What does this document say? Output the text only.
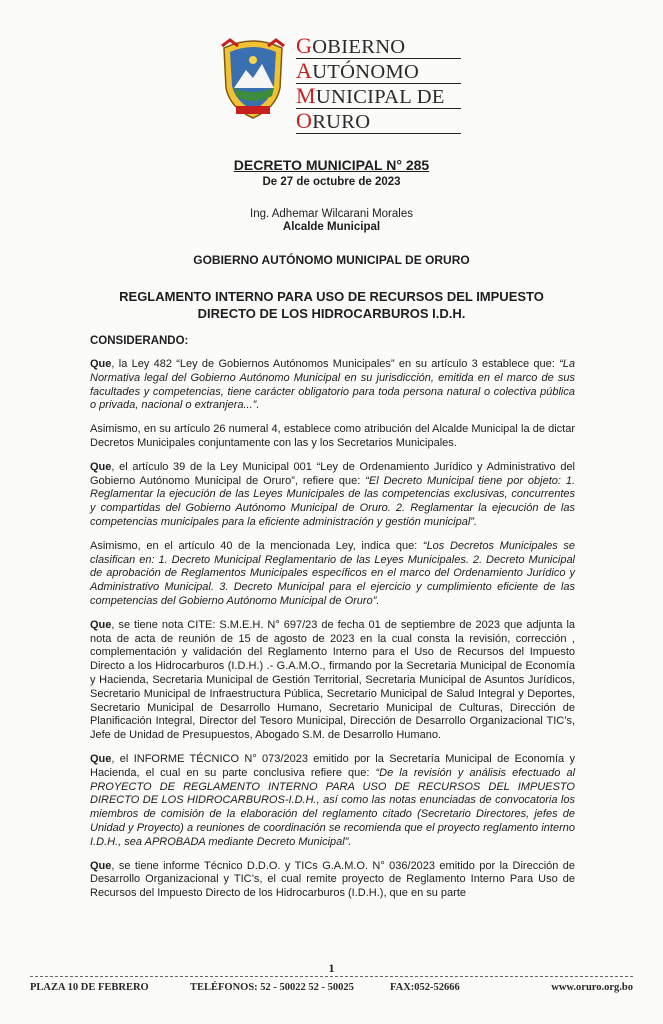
GOBIERNO
AUTÓNOMO
MUNICIPAL DE
ORURO
DECRETO MUNICIPAL N° 285
De 27 de octubre de 2023
Ing. Adhemar Wilcarani Morales
Alcalde Municipal
GOBIERNO AUTÓNOMO MUNICIPAL DE ORURO
REGLAMENTO INTERNO PARA USO DE RECURSOS DEL IMPUESTO
DIRECTO DE LOS HIDROCARBUROS I.D.H.
CONSIDERANDO:

Que, la Ley 482 “Ley de Gobiernos Autónomos Municipales” en su artículo 3 establece que: “La Normativa legal del Gobierno Autónomo Municipal en su jurisdicción, emitida en el marco de sus facultades y competencias, tiene carácter obligatorio para toda persona natural o colectiva pública o privada, nacional o extranjera...”.

Asimismo, en su artículo 26 numeral 4, establece como atribución del Alcalde Municipal la de dictar Decretos Municipales conjuntamente con las y los Secretarios Municipales.

Que, el artículo 39 de la Ley Municipal 001 “Ley de Ordenamiento Jurídico y Administrativo del Gobierno Autónomo Municipal de Oruro”, refiere que: “El Decreto Municipal tiene por objeto: 1. Reglamentar la ejecución de las Leyes Municipales de las competencias exclusivas, concurrentes y compartidas del Gobierno Autónomo Municipal de Oruro. 2. Reglamentar la ejecución de las competencias municipales para la eficiente administración y gestión municipal”.

Asimismo, en el artículo 40 de la mencionada Ley, indica que: “Los Decretos Municipales se clasifican en: 1. Decreto Municipal Reglamentario de las Leyes Municipales. 2. Decreto Municipal de aprobación de Reglamentos Municipales específicos en el marco del Ordenamiento Jurídico y Administrativo Municipal. 3. Decreto Municipal para el ejercicio y cumplimiento eficiente de las competencias del Gobierno Autónomo Municipal de Oruro”.

Que, se tiene nota CITE: S.M.E.H. N° 697/23 de fecha 01 de septiembre de 2023 que adjunta la nota de acta de reunión de 15 de agosto de 2023 en la cual consta la revisión, corrección , complementación y validación del Reglamento Interno para el Uso de Recursos del Impuesto Directo a los Hidrocarburos (I.D.H.) .- G.A.M.O., firmando por la Secretaria Municipal de Economía y Hacienda, Secretaria Municipal de Gestión Territorial, Secretaria Municipal de Asuntos Jurídicos, Secretario Municipal de Infraestructura Pública, Secretario Municipal de Salud Integral y Deportes, Secretario Municipal de Desarrollo Humano, Secretario Municipal de Culturas, Dirección de Planificación Integral, Director del Tesoro Municipal, Dirección de Desarrollo Organizacional TIC’s, Jefe de Unidad de Presupuestos, Abogado S.M. de Desarrollo Humano.

Que, el INFORME TÉCNICO N° 073/2023 emitido por la Secretaría Municipal de Economía y Hacienda, el cual en su parte conclusiva refiere que: “De la revisión y análisis efectuado al PROYECTO DE REGLAMENTO INTERNO PARA USO DE RECURSOS DEL IMPUESTO DIRECTO DE LOS HIDROCARBUROS-I.D.H., así como las notas enunciadas de convocatoria los miembros de comisión de la elaboración del reglamento citado (Secretario Directores, jefes de Unidad y Proyecto) a reuniones de coordinación se recomienda que el proyecto reglamento interno I.D.H., sea APROBADA mediante Decreto Municipal”.

Que, se tiene informe Técnico D.D.O. y TICs G.A.M.O. N° 036/2023 emitido por la Dirección de Desarrollo Organizacional y TIC’s, el cual remite proyecto de Reglamento Interno Para Uso de Recursos del Impuesto Directo de los Hidrocarburos (I.D.H.), que en su parte

1
PLAZA 10 DE FEBRERO	TELÉFONOS: 52 - 50022 52 - 50025	FAX:052-52666	www.oruro.org.bo
